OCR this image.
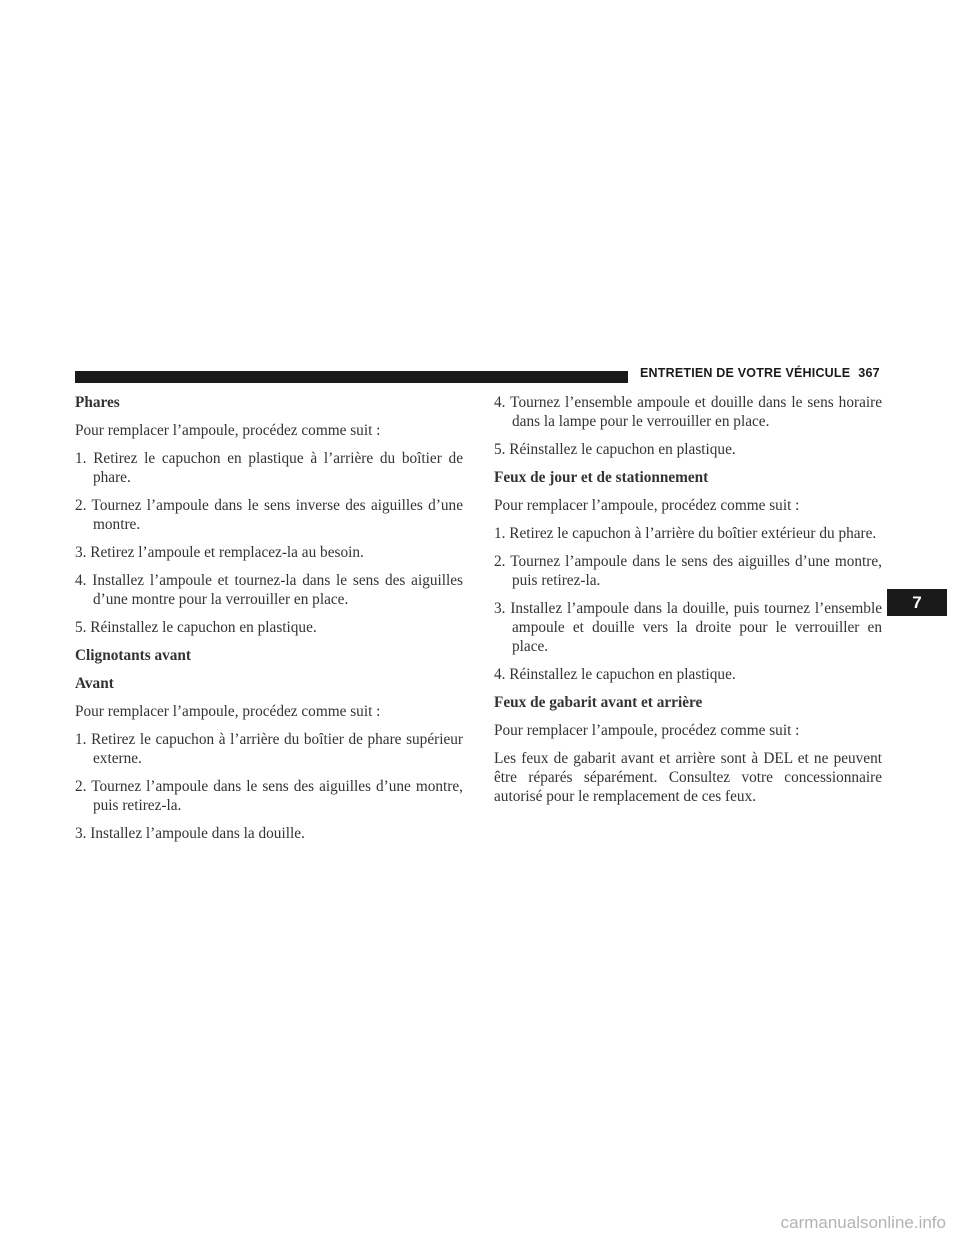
ENTRETIEN DE VOTRE VÉHICULE 367

Phares

Pour remplacer l’ampoule, procédez comme suit :

1. Retirez le capuchon en plastique à l’arrière du boîtier de phare.

2. Tournez l’ampoule dans le sens inverse des aiguilles d’une montre.

3. Retirez l’ampoule et remplacez-la au besoin.

4. Installez l’ampoule et tournez-la dans le sens des aiguilles d’une montre pour la verrouiller en place.

5. Réinstallez le capuchon en plastique.

Clignotants avant

Avant

Pour remplacer l’ampoule, procédez comme suit :

1. Retirez le capuchon à l’arrière du boîtier de phare supérieur externe.

2. Tournez l’ampoule dans le sens des aiguilles d’une montre, puis retirez-la.

3. Installez l’ampoule dans la douille.

4. Tournez l’ensemble ampoule et douille dans le sens horaire dans la lampe pour le verrouiller en place.

5. Réinstallez le capuchon en plastique.

Feux de jour et de stationnement

Pour remplacer l’ampoule, procédez comme suit :

1. Retirez le capuchon à l’arrière du boîtier extérieur du phare.

2. Tournez l’ampoule dans le sens des aiguilles d’une montre, puis retirez-la.

3. Installez l’ampoule dans la douille, puis tournez l’ensemble ampoule et douille vers la droite pour le verrouiller en place.

4. Réinstallez le capuchon en plastique.

Feux de gabarit avant et arrière

Pour remplacer l’ampoule, procédez comme suit :

Les feux de gabarit avant et arrière sont à DEL et ne peuvent être réparés séparément. Consultez votre concessionnaire autorisé pour le remplacement de ces feux.

7
carmanualsonline.info
